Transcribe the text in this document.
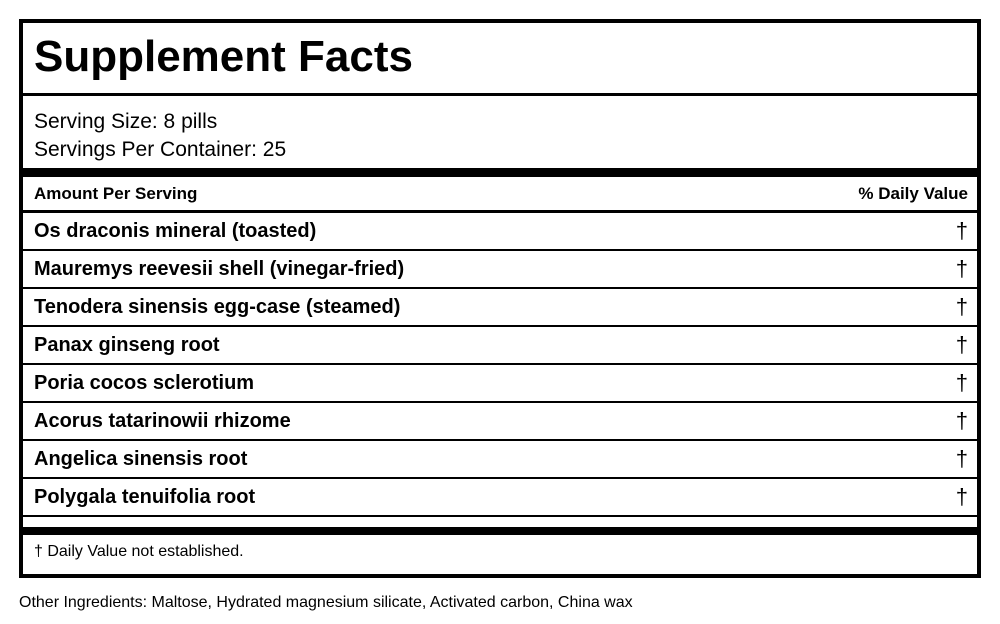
Supplement Facts
Serving Size: 8 pills
Servings Per Container: 25
Amount Per Serving	% Daily Value
Os draconis mineral (toasted)	†
Mauremys reevesii shell (vinegar-fried)	†
Tenodera sinensis egg-case (steamed)	†
Panax ginseng root	†
Poria cocos sclerotium	†
Acorus tatarinowii rhizome	†
Angelica sinensis root	†
Polygala tenuifolia root	†
† Daily Value not established.
Other Ingredients: Maltose, Hydrated magnesium silicate, Activated carbon, China wax
